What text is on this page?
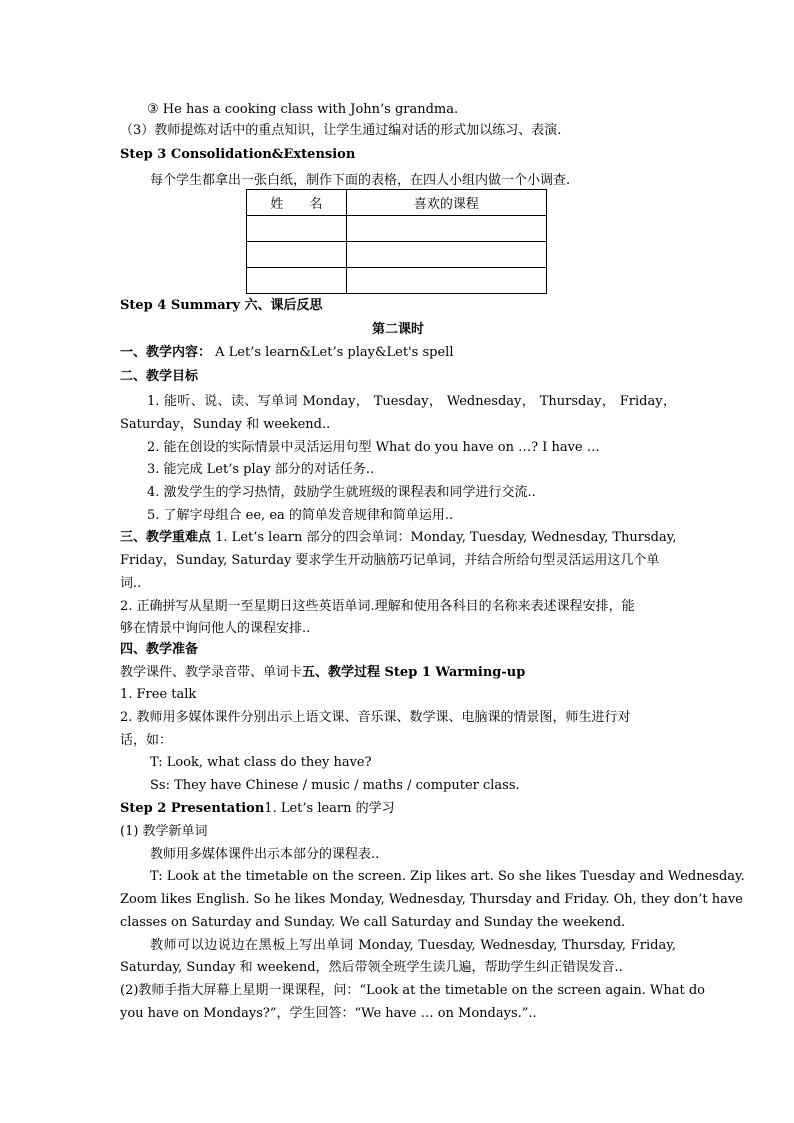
③ He has a cooking class with John’s grandma.
（3）教师提炼对话中的重点知识，让学生通过编对话的形式加以练习、表演.
Step 3 Consolidation&Extension
每个学生都拿出一张白纸，制作下面的表格，在四人小组内做一个小调查.
姓 名	喜欢的课程

Step 4 Summary 六、课后反思
第二课时
一、教学内容： A Let’s learn&Let’s play&Let's spell
二、教学目标
1. 能听、说、读、写单词 Monday， Tuesday， Wednesday， Thursday， Friday，
Saturday，Sunday 和 weekend..
2. 能在创设的实际情景中灵活运用句型 What do you have on …? I have …
3. 能完成 Let’s play 部分的对话任务..
4. 激发学生的学习热情，鼓励学生就班级的课程表和同学进行交流..
5. 了解字母组合 ee, ea 的简单发音规律和简单运用..
三、教学重难点 1. Let’s learn 部分的四会单词：Monday, Tuesday, Wednesday, Thursday,
Friday，Sunday, Saturday 要求学生开动脑筋巧记单词，并结合所给句型灵活运用这几个单
词..
2. 正确拼写从星期一至星期日这些英语单词.理解和使用各科目的名称来表述课程安排，能
够在情景中询问他人的课程安排..
四、教学准备
教学课件、教学录音带、单词卡五、教学过程 Step 1 Warming-up
1. Free talk
2. 教师用多媒体课件分别出示上语文课、音乐课、数学课、电脑课的情景图，师生进行对
话，如：
T: Look, what class do they have?
Ss: They have Chinese / music / maths / computer class.
Step 2 Presentation1. Let’s learn 的学习
(1) 教学新单词
教师用多媒体课件出示本部分的课程表..
T: Look at the timetable on the screen. Zip likes art. So she likes Tuesday and Wednesday.
Zoom likes English. So he likes Monday, Wednesday, Thursday and Friday. Oh, they don’t have
classes on Saturday and Sunday. We call Saturday and Sunday the weekend.
教师可以边说边在黑板上写出单词 Monday, Tuesday, Wednesday, Thursday, Friday,
Saturday, Sunday 和 weekend，然后带领全班学生读几遍，帮助学生纠正错误发音..
(2)教师手指大屏幕上星期一课课程，问：“Look at the timetable on the screen again. What do
you have on Mondays?”，学生回答：“We have … on Mondays.”..
